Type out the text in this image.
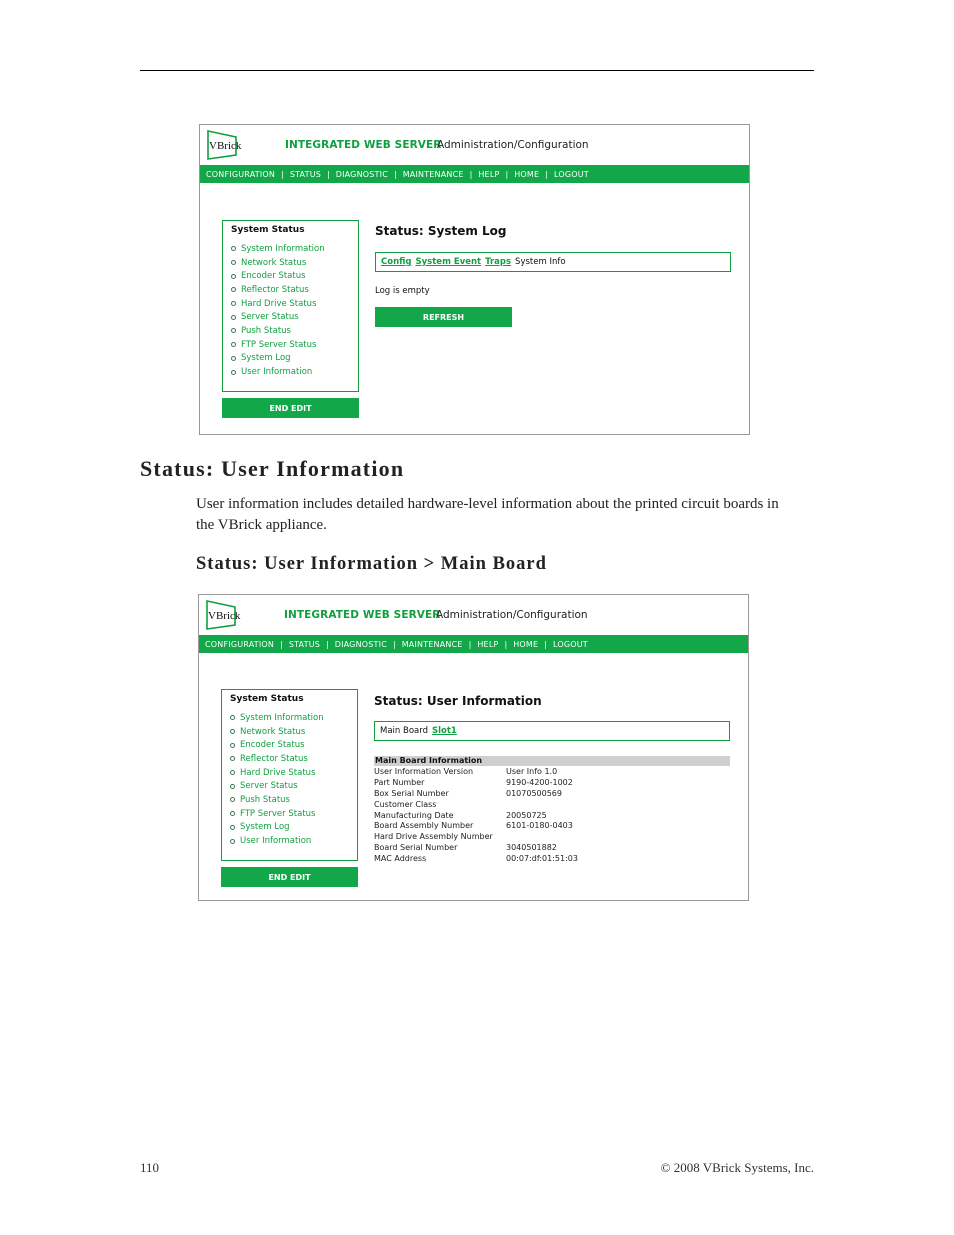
VBrick	INTEGRATED WEB SERVER
Administration/Configuration
CONFIGURATION | STATUS | DIAGNOSTIC | MAINTENANCE | HELP | HOME | LOGOUT
System Status
System Information
Network Status
Encoder Status
Reflector Status
Hard Drive Status
Server Status
Push Status
FTP Server Status
System Log
User Information
END EDIT
Status: System Log
Config System Event Traps System Info
Log is empty
REFRESH
Status: User Information
User information includes detailed hardware-level information about the printed circuit boards in the VBrick appliance.
Status: User Information > Main Board
VBrick	INTEGRATED WEB SERVER
Administration/Configuration
CONFIGURATION | STATUS | DIAGNOSTIC | MAINTENANCE | HELP | HOME | LOGOUT
System Status
System Information
Network Status
Encoder Status
Reflector Status
Hard Drive Status
Server Status
Push Status
FTP Server Status
System Log
User Information
END EDIT
Status: User Information
Main Board Slot1
Main Board Information
User Information Version	User Info 1.0
Part Number	9190-4200-1002
Box Serial Number	01070500569
Customer Class
Manufacturing Date	20050725
Board Assembly Number	6101-0180-0403
Hard Drive Assembly Number
Board Serial Number	3040501882
MAC Address	00:07:df:01:51:03
110	© 2008 VBrick Systems, Inc.
